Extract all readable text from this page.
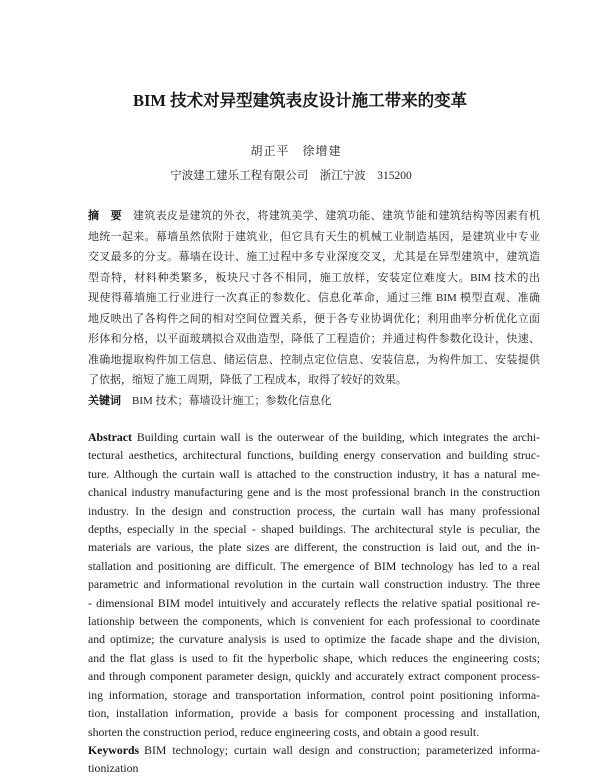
BIM 技术对异型建筑表皮设计施工带来的变革
胡正平　徐增建
宁波建工建乐工程有限公司　浙江宁波　315200
摘　要 建筑表皮是建筑的外衣，将建筑美学、建筑功能、建筑节能和建筑结构等因素有机
地统一起来。幕墙虽然依附于建筑业，但它具有天生的机械工业制造基因，是建筑业中专业
交叉最多的分支。幕墙在设计、施工过程中多专业深度交叉，尤其是在异型建筑中，建筑造
型奇特，材料种类繁多，板块尺寸各不相同，施工放样，安装定位难度大。BIM 技术的出
现使得幕墙施工行业进行一次真正的参数化、信息化革命，通过三维 BIM 模型直观、准确
地反映出了各构件之间的相对空间位置关系，便于各专业协调优化；利用曲率分析优化立面
形体和分格，以平面玻璃拟合双曲造型，降低了工程造价；并通过构件参数化设计，快速、
准确地提取构件加工信息、储运信息、控制点定位信息、安装信息，为构件加工、安装提供
了依据，缩短了施工周期，降低了工程成本，取得了较好的效果。
关键词 BIM 技术；幕墙设计施工；参数化信息化
Abstract Building curtain wall is the outerwear of the building, which integrates the archi-
tectural aesthetics, architectural functions, building energy conservation and building struc-
ture. Although the curtain wall is attached to the construction industry, it has a natural me-
chanical industry manufacturing gene and is the most professional branch in the construction
industry. In the design and construction process, the curtain wall has many professional
depths, especially in the special - shaped buildings. The architectural style is peculiar, the
materials are various, the plate sizes are different, the construction is laid out, and the in-
stallation and positioning are difficult. The emergence of BIM technology has led to a real
parametric and informational revolution in the curtain wall construction industry. The three
- dimensional BIM model intuitively and accurately reflects the relative spatial positional re-
lationship between the components, which is convenient for each professional to coordinate
and optimize; the curvature analysis is used to optimize the facade shape and the division,
and the flat glass is used to fit the hyperbolic shape, which reduces the engineering costs;
and through component parameter design, quickly and accurately extract component process-
ing information, storage and transportation information, control point positioning informa-
tion, installation information, provide a basis for component processing and installation,
shorten the construction period, reduce engineering costs, and obtain a good result.
Keywords BIM technology; curtain wall design and construction; parameterized informa-
tionization
